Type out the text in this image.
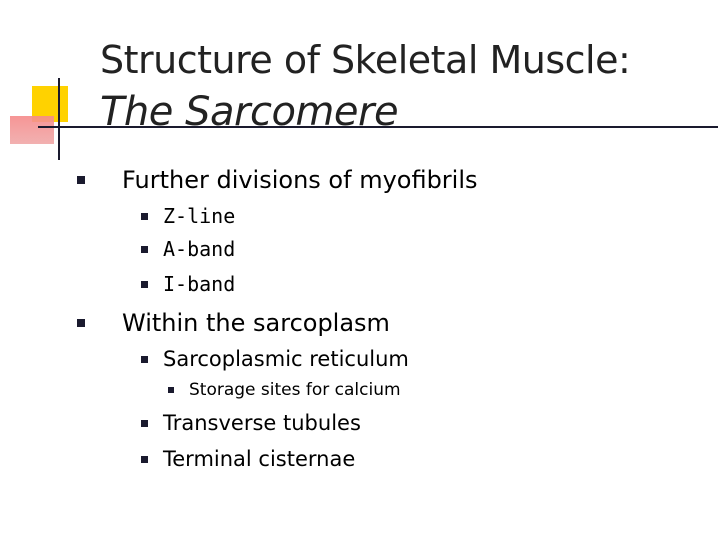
Structure of Skeletal Muscle:
The Sarcomere
Further divisions of myofibrils
Z-line
A-band
I-band
Within the sarcoplasm
Sarcoplasmic reticulum
Storage sites for calcium
Transverse tubules
Terminal cisternae
